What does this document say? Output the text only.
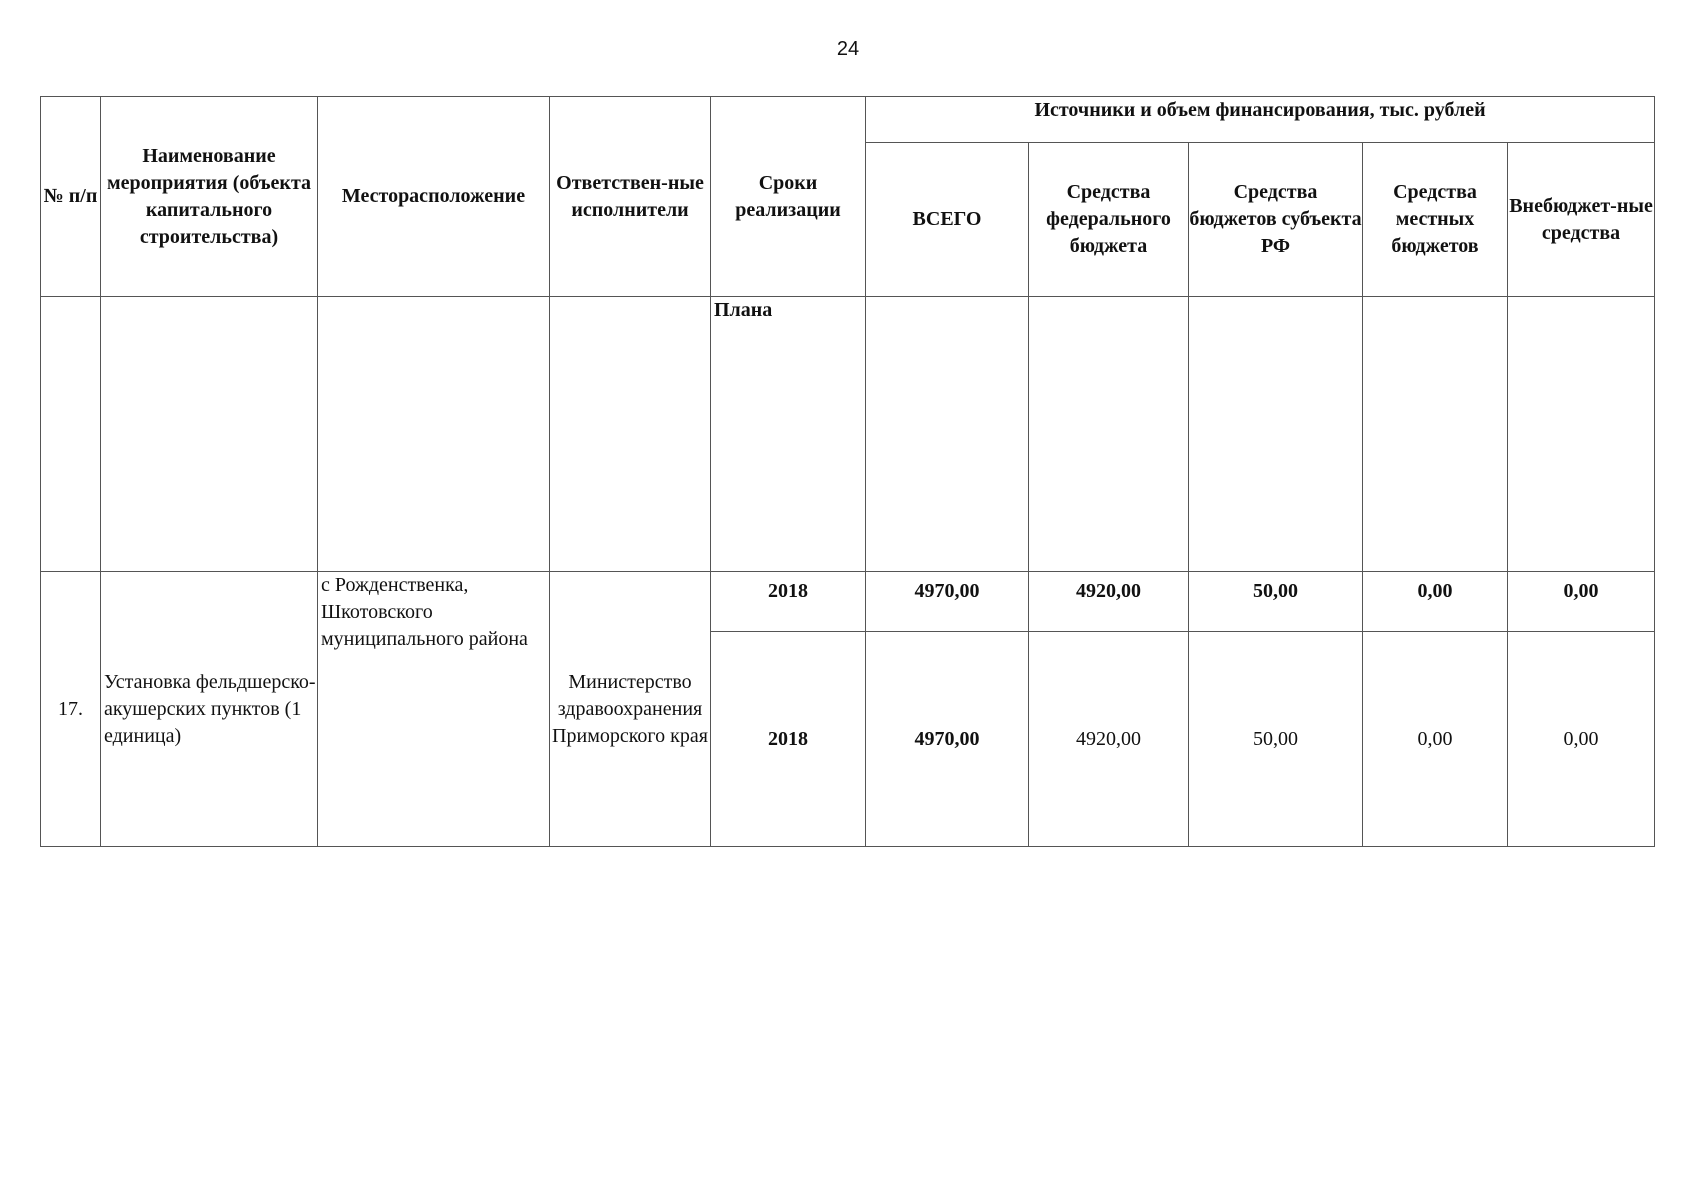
24
№ п/п	Наименование мероприятия (объекта капитального строительства)	Месторасположение	Ответствен-ные исполнители	Сроки реализации	Источники и объем финансирования, тыс. рублей				
					ВСЕГО	Средства федерального бюджета	Средства бюджетов субъекта РФ	Средства местных бюджетов	Внебюджет-ные средства
				Плана					
17.	Установка фельдшерско-акушерских пунктов (1 единица)	с Рожденственка, Шкотовского муниципального района	Министерство здравоохранения Приморского края	2018	4970,00	4920,00	50,00	0,00	0,00
				2018	4970,00	4920,00	50,00	0,00	0,00
